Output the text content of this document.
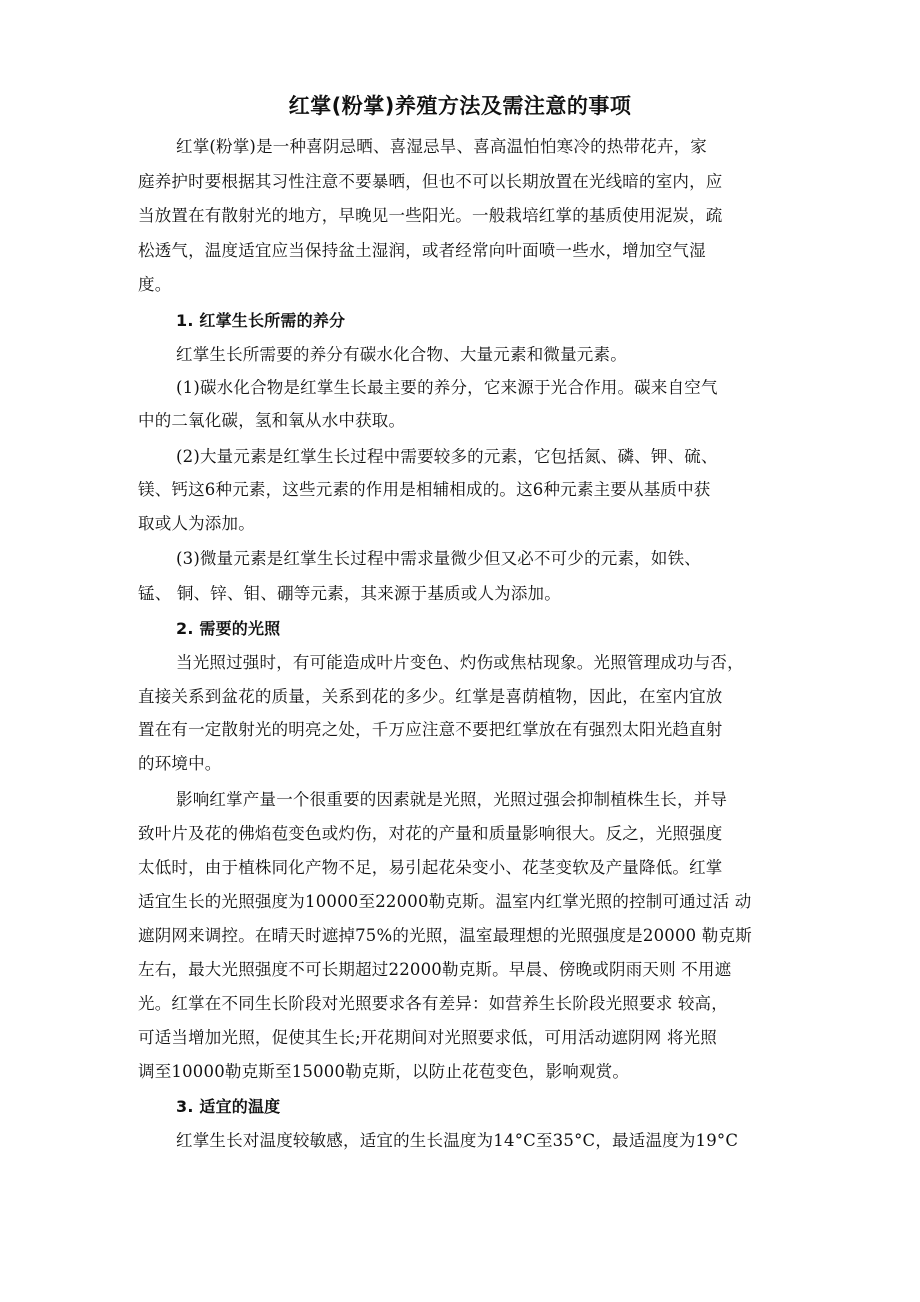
红掌(粉掌)养殖方法及需注意的事项
红掌(粉掌)是一种喜阴忌晒、喜湿忌旱、喜高温怕怕寒冷的热带花卉，家
庭养护时要根据其习性注意不要暴晒，但也不可以长期放置在光线暗的室内，应
当放置在有散射光的地方，早晚见一些阳光。一般栽培红掌的基质使用泥炭，疏
松透气，温度适宜应当保持盆土湿润，或者经常向叶面喷一些水，增加空气湿
度。
1. 红掌生长所需的养分
红掌生长所需要的养分有碳水化合物、大量元素和微量元素。
(1)碳水化合物是红掌生长最主要的养分，它来源于光合作用。碳来自空气
中的二氧化碳，氢和氧从水中获取。
(2)大量元素是红掌生长过程中需要较多的元素，它包括氮、磷、钾、硫、
镁、钙这6种元素，这些元素的作用是相辅相成的。这6种元素主要从基质中获
取或人为添加。
(3)微量元素是红掌生长过程中需求量微少但又必不可少的元素，如铁、
锰、 铜、锌、钼、硼等元素，其来源于基质或人为添加。
2. 需要的光照
当光照过强时，有可能造成叶片变色、灼伤或焦枯现象。光照管理成功与否，
直接关系到盆花的质量，关系到花的多少。红掌是喜荫植物，因此，在室内宜放
置在有一定散射光的明亮之处，千万应注意不要把红掌放在有强烈太阳光趋直射
的环境中。
影响红掌产量一个很重要的因素就是光照，光照过强会抑制植株生长，并导
致叶片及花的佛焰苞变色或灼伤，对花的产量和质量影响很大。反之，光照强度
太低时，由于植株同化产物不足，易引起花朵变小、花茎变软及产量降低。红掌
适宜生长的光照强度为10000至22000勒克斯。温室内红掌光照的控制可通过活 动
遮阴网来调控。在晴天时遮掉75%的光照，温室最理想的光照强度是20000 勒克斯
左右，最大光照强度不可长期超过22000勒克斯。早晨、傍晚或阴雨天则 不用遮
光。红掌在不同生长阶段对光照要求各有差异：如营养生长阶段光照要求 较高，
可适当增加光照，促使其生长;开花期间对光照要求低，可用活动遮阴网 将光照
调至10000勒克斯至15000勒克斯，以防止花苞变色，影响观赏。
3. 适宜的温度
红掌生长对温度较敏感，适宜的生长温度为14°C至35°C，最适温度为19°C
